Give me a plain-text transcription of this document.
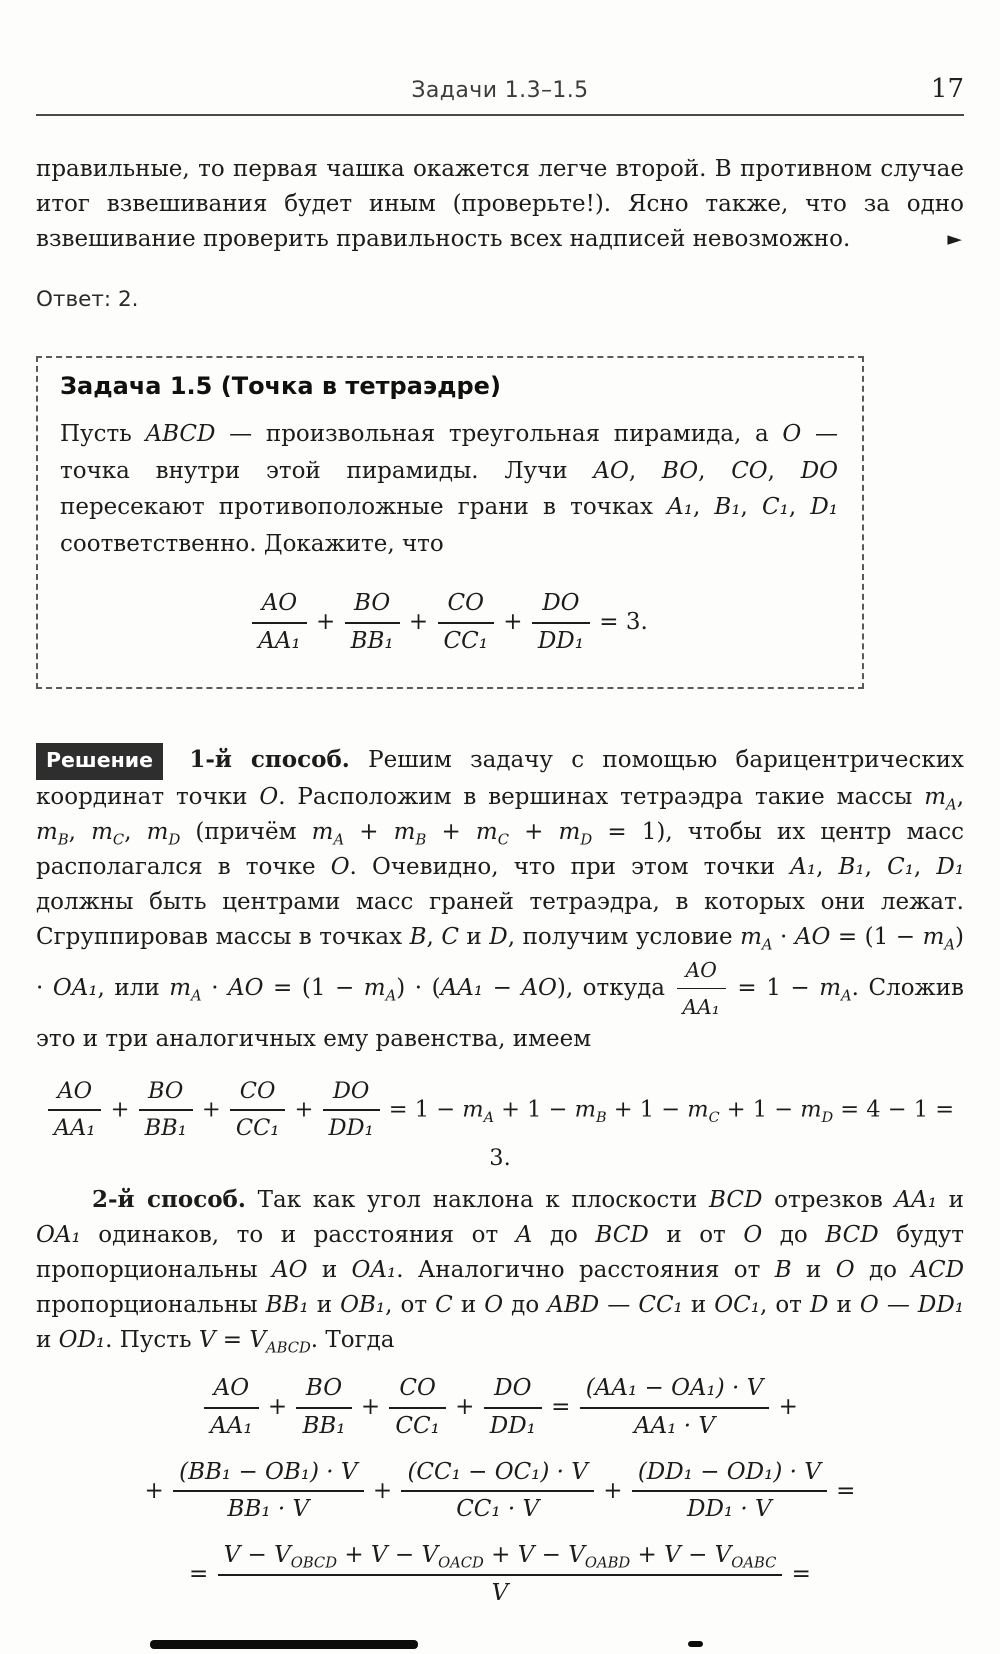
Задачи 1.3–1.5	17

правильные, то первая чашка окажется легче второй. В противном случае итог взвешивания будет иным (проверьте!). Ясно также, что за одно взвешивание проверить правильность всех надписей невозможно.	►

Ответ: 2.

Задача 1.5 (Точка в тетраэдре)

Пусть ABCD — произвольная треугольная пирамида, а O — точка внутри этой пирамиды. Лучи AO, BO, CO, DO пересекают противоположные грани в точках A₁, B₁, C₁, D₁ соответственно. Докажите, что

$\frac{AO}{\text{AA₁}} + \frac{BO}{\text{BB₁}} + \frac{CO}{\text{CC₁}} + \frac{DO}{\text{DD₁}} = 3$.

Решение 1-й способ. Решим задачу с помощью барицентрических координат точки O. Расположим в вершинах тетраэдра такие массы $m_A$, $m_B$, $m_C$, $m_D$ (причём $m_A + m_B + m_C + m_D = 1$), чтобы их центр масс располагался в точке O. Очевидно, что при этом точки A₁, B₁, C₁, D₁ должны быть центрами масс граней тетраэдра, в которых они лежат. Сгруппировав массы в точках B, C и D, получим условие $m_A$ · AO = $(1 - m_A) \cdot OA_1$, или $m_A$ · AO = $(1 - m_A) \cdot (AA_1 - AO)$, откуда $\frac{AO}{\text{AA₁}} = 1 - m_A$. Сложив это и три аналогичных ему равенства, имеем

$\frac{AO}{\text{AA₁}} + \frac{BO}{\text{BB₁}} + \frac{CO}{\text{CC₁}} + \frac{DO}{\text{DD₁}} = 1 - m_A + 1 - m_B + 1 - m_C + 1 - m_D = 4 - 1 = 3$.

2-й способ. Так как угол наклона к плоскости BCD отрезков AA₁ и OA₁ одинаков, то и расстояния от A до BCD и от O до BCD будут пропорциональны AO и OA₁. Аналогично расстояния от B и O до ACD пропорциональны BB₁ и OB₁, от C и O до ABD — CC₁ и OC₁, от D и O — DD₁ и OD₁. Пусть $V = V_{ABCD}$. Тогда

$\frac{AO}{\text{AA₁}} + \frac{BO}{\text{BB₁}} + \frac{CO}{\text{CC₁}} + \frac{DO}{\text{DD₁}} = \frac{\text{(AA₁ − OA₁) · V}}{\text{AA₁ · V}}$ +
+ $\frac{\text{(BB₁ − OB₁) · V}}{\text{BB₁ · V}} + \frac{\text{(CC₁ − OC₁) · V}}{\text{CC₁ · V}} + \frac{\text{(DD₁ − OD₁) · V}}{\text{DD₁ · V}}$ =
= $\frac{V - V_{OBCD} + V - V_{OACD} + V - V_{OABD} + V - V_{OABC}}{V}$ =
